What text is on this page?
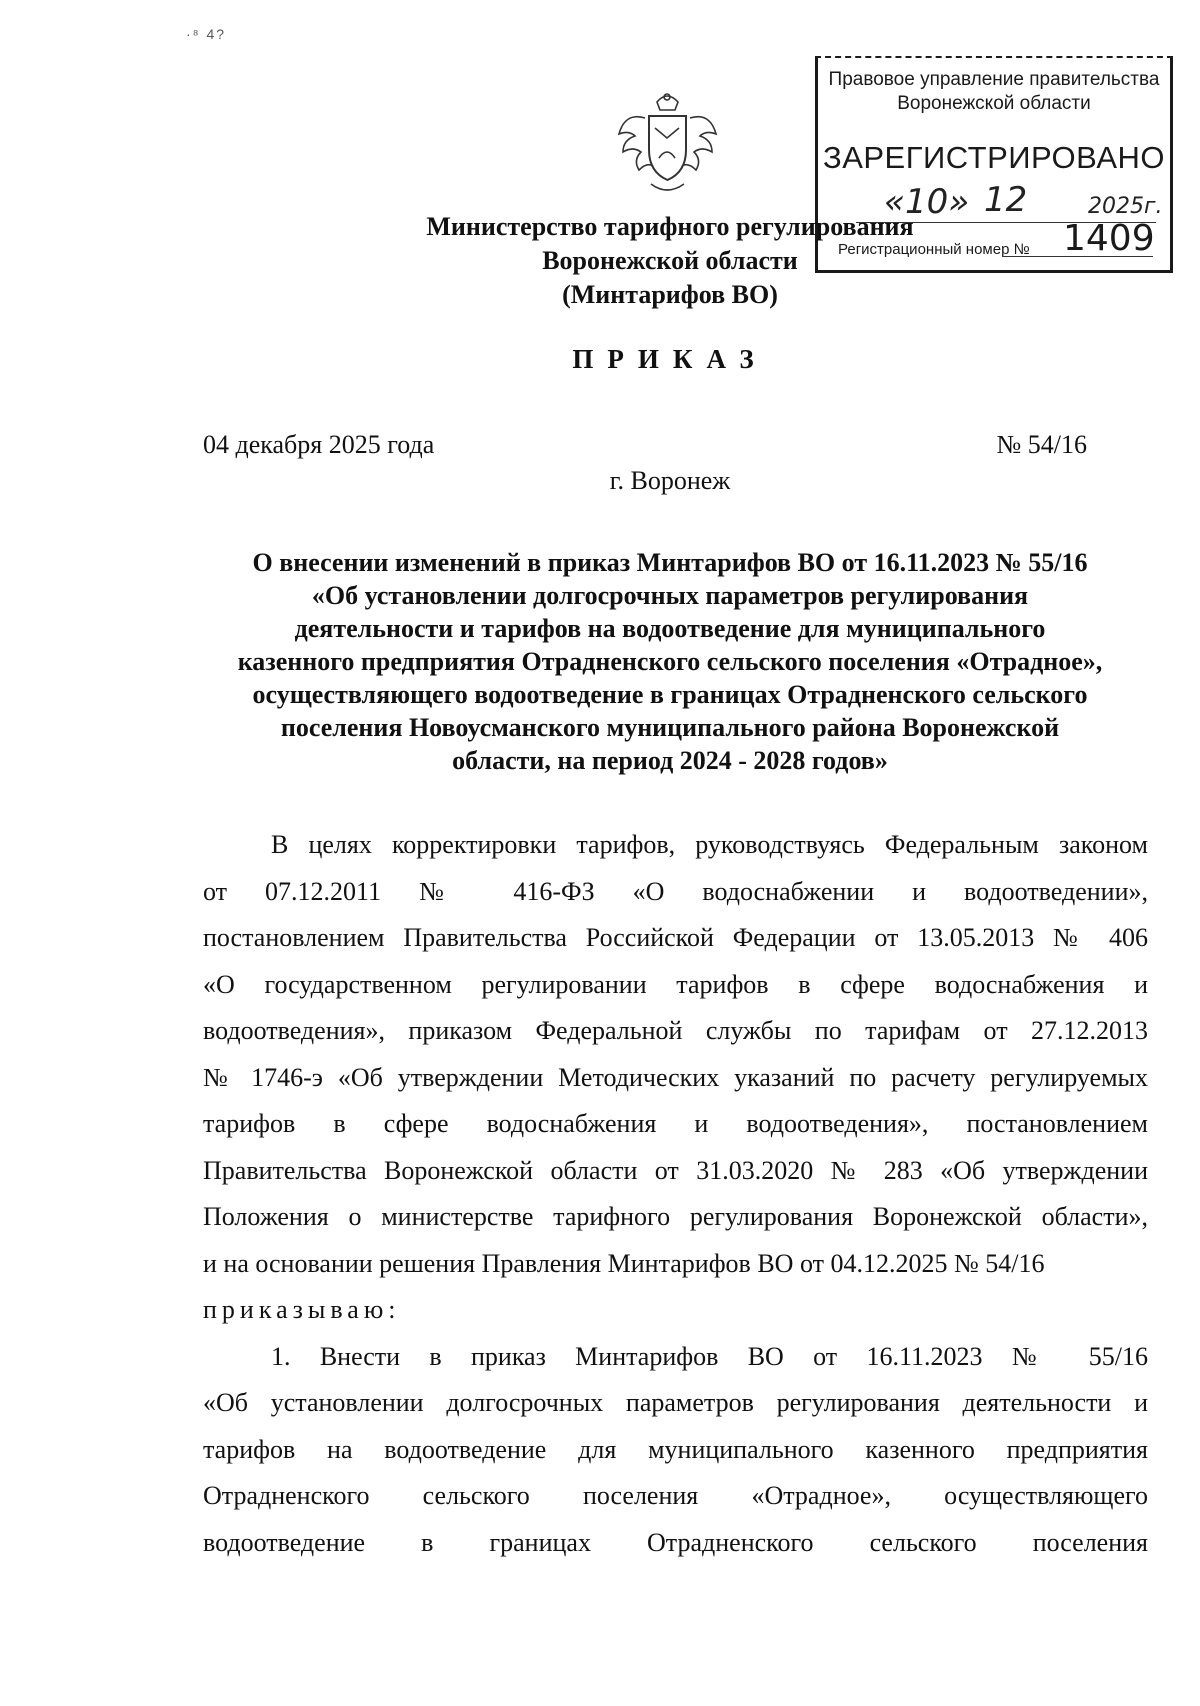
·⁸ 4?
Правовое управление правительства
Воронежской области
ЗАРЕГИСТРИРОВАНО
«10» 12	2025г.
Регистрационный номер № 1409
Министерство тарифного регулирования
Воронежской области
(Минтарифов ВО)
ПРИКАЗ
04 декабря 2025 года	№ 54/16
г. Воронеж
О внесении изменений в приказ Минтарифов ВО от 16.11.2023 № 55/16
«Об установлении долгосрочных параметров регулирования
деятельности и тарифов на водоотведение для муниципального
казенного предприятия Отрадненского сельского поселения «Отрадное»,
осуществляющего водоотведение в границах Отрадненского сельского
поселения Новоусманского муниципального района Воронежской
области, на период 2024 - 2028 годов»

В целях корректировки тарифов, руководствуясь Федеральным законом

от 07.12.2011 № 416-ФЗ «О водоснабжении и водоотведении»,

постановлением Правительства Российской Федерации от 13.05.2013 № 406

«О государственном регулировании тарифов в сфере водоснабжения и

водоотведения», приказом Федеральной службы по тарифам от 27.12.2013

№ 1746-э «Об утверждении Методических указаний по расчету регулируемых

тарифов в сфере водоснабжения и водоотведения», постановлением

Правительства Воронежской области от 31.03.2020 № 283 «Об утверждении

Положения о министерстве тарифного регулирования Воронежской области»,

и на основании решения Правления Минтарифов ВО от 04.12.2025 № 54/16

приказываю:

1. Внести в приказ Минтарифов ВО от 16.11.2023 № 55/16

«Об установлении долгосрочных параметров регулирования деятельности и

тарифов на водоотведение для муниципального казенного предприятия

Отрадненского сельского поселения «Отрадное», осуществляющего

водоотведение в границах Отрадненского сельского поселения
